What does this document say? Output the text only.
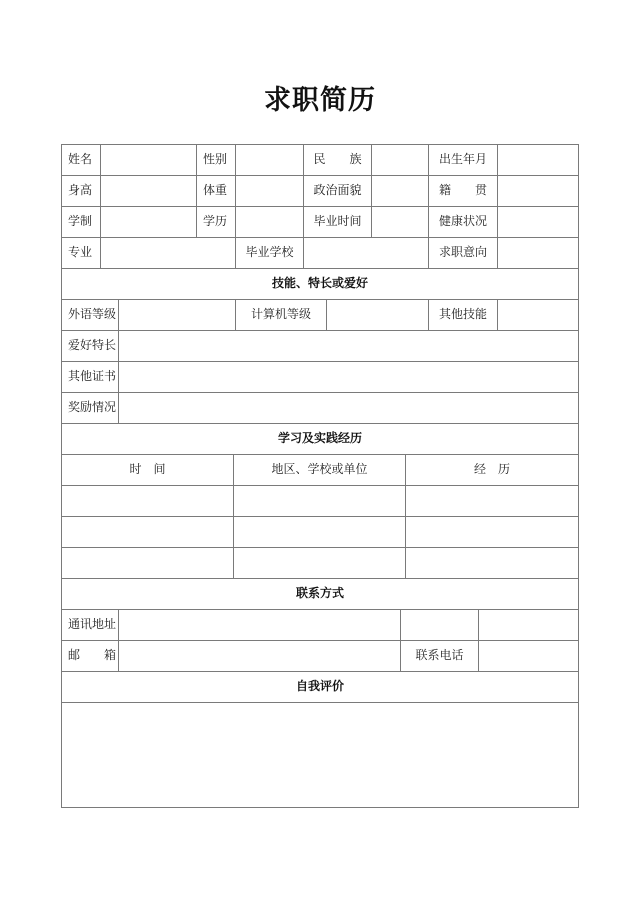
求职简历
姓名	性别	民　　族	出生年月
身高	体重	政治面貌	籍　　贯
学制	学历	毕业时间	健康状况
专业	毕业学校	求职意向
技能、特长或爱好
外语等级	计算机等级	其他技能
爱好特长
其他证书
奖励情况
学习及实践经历
时　间	地区、学校或单位	经　历
联系方式
通讯地址
邮　　箱	联系电话
自我评价
